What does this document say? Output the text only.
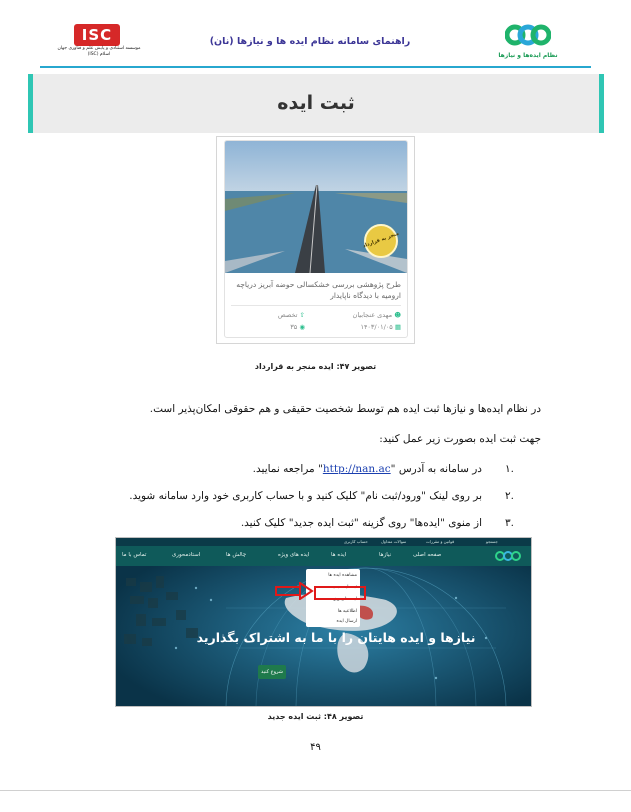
ISC
موسسه استنادی و پایش علم و فناوری جهان اسلام (ISC)
راهنمای سامانه نظام ایده ها و نیازها (نان)
نظام ایده‌ها و نیازها
ثبت ایده
منجر به قرارداد
طرح پژوهشی بررسی خشکسالی حوضه آبریز دریاچه ارومیه با دیدگاه ناپایدار
☻ مهدی عنجابیان
⇧ تخصص
▦ ۱۴۰۳/۰۱/۰۵
◉ ۳۵
تصویر ۴۷: ایده منجر به قرارداد
در نظام ایده‌ها و نیازها ثبت ایده هم توسط شخصیت حقیقی و هم حقوقی امکان‌پذیر است.
جهت ثبت ایده بصورت زیر عمل کنید:
۱.
در سامانه به آدرس "http://nan.ac" مراجعه نمایید.
۲.
بر روی لینک "ورود/ثبت نام" کلیک کنید و با حساب کاربری خود وارد سامانه شوید.
۳.
از منوی "ایده‌ها" روی گزینه "ثبت ایده جدید" کلیک کنید.
جستجو
قوانین و مقررات
سوالات متداول
حساب کاربری
صفحه اصلی
نیازها
ایده ها
ایده های ویژه
چالش ها
استادمحوری
تماس با ما
مشاهده ایده ها
ثبت ایده جدید
ایده های ویژه
اطلاعیه ها
ارسال ایده
نیازها و ایده هایتان را با ما به اشتراک بگذارید
شروع کنید
تصویر ۴۸: ثبت ایده جدید
۴۹
